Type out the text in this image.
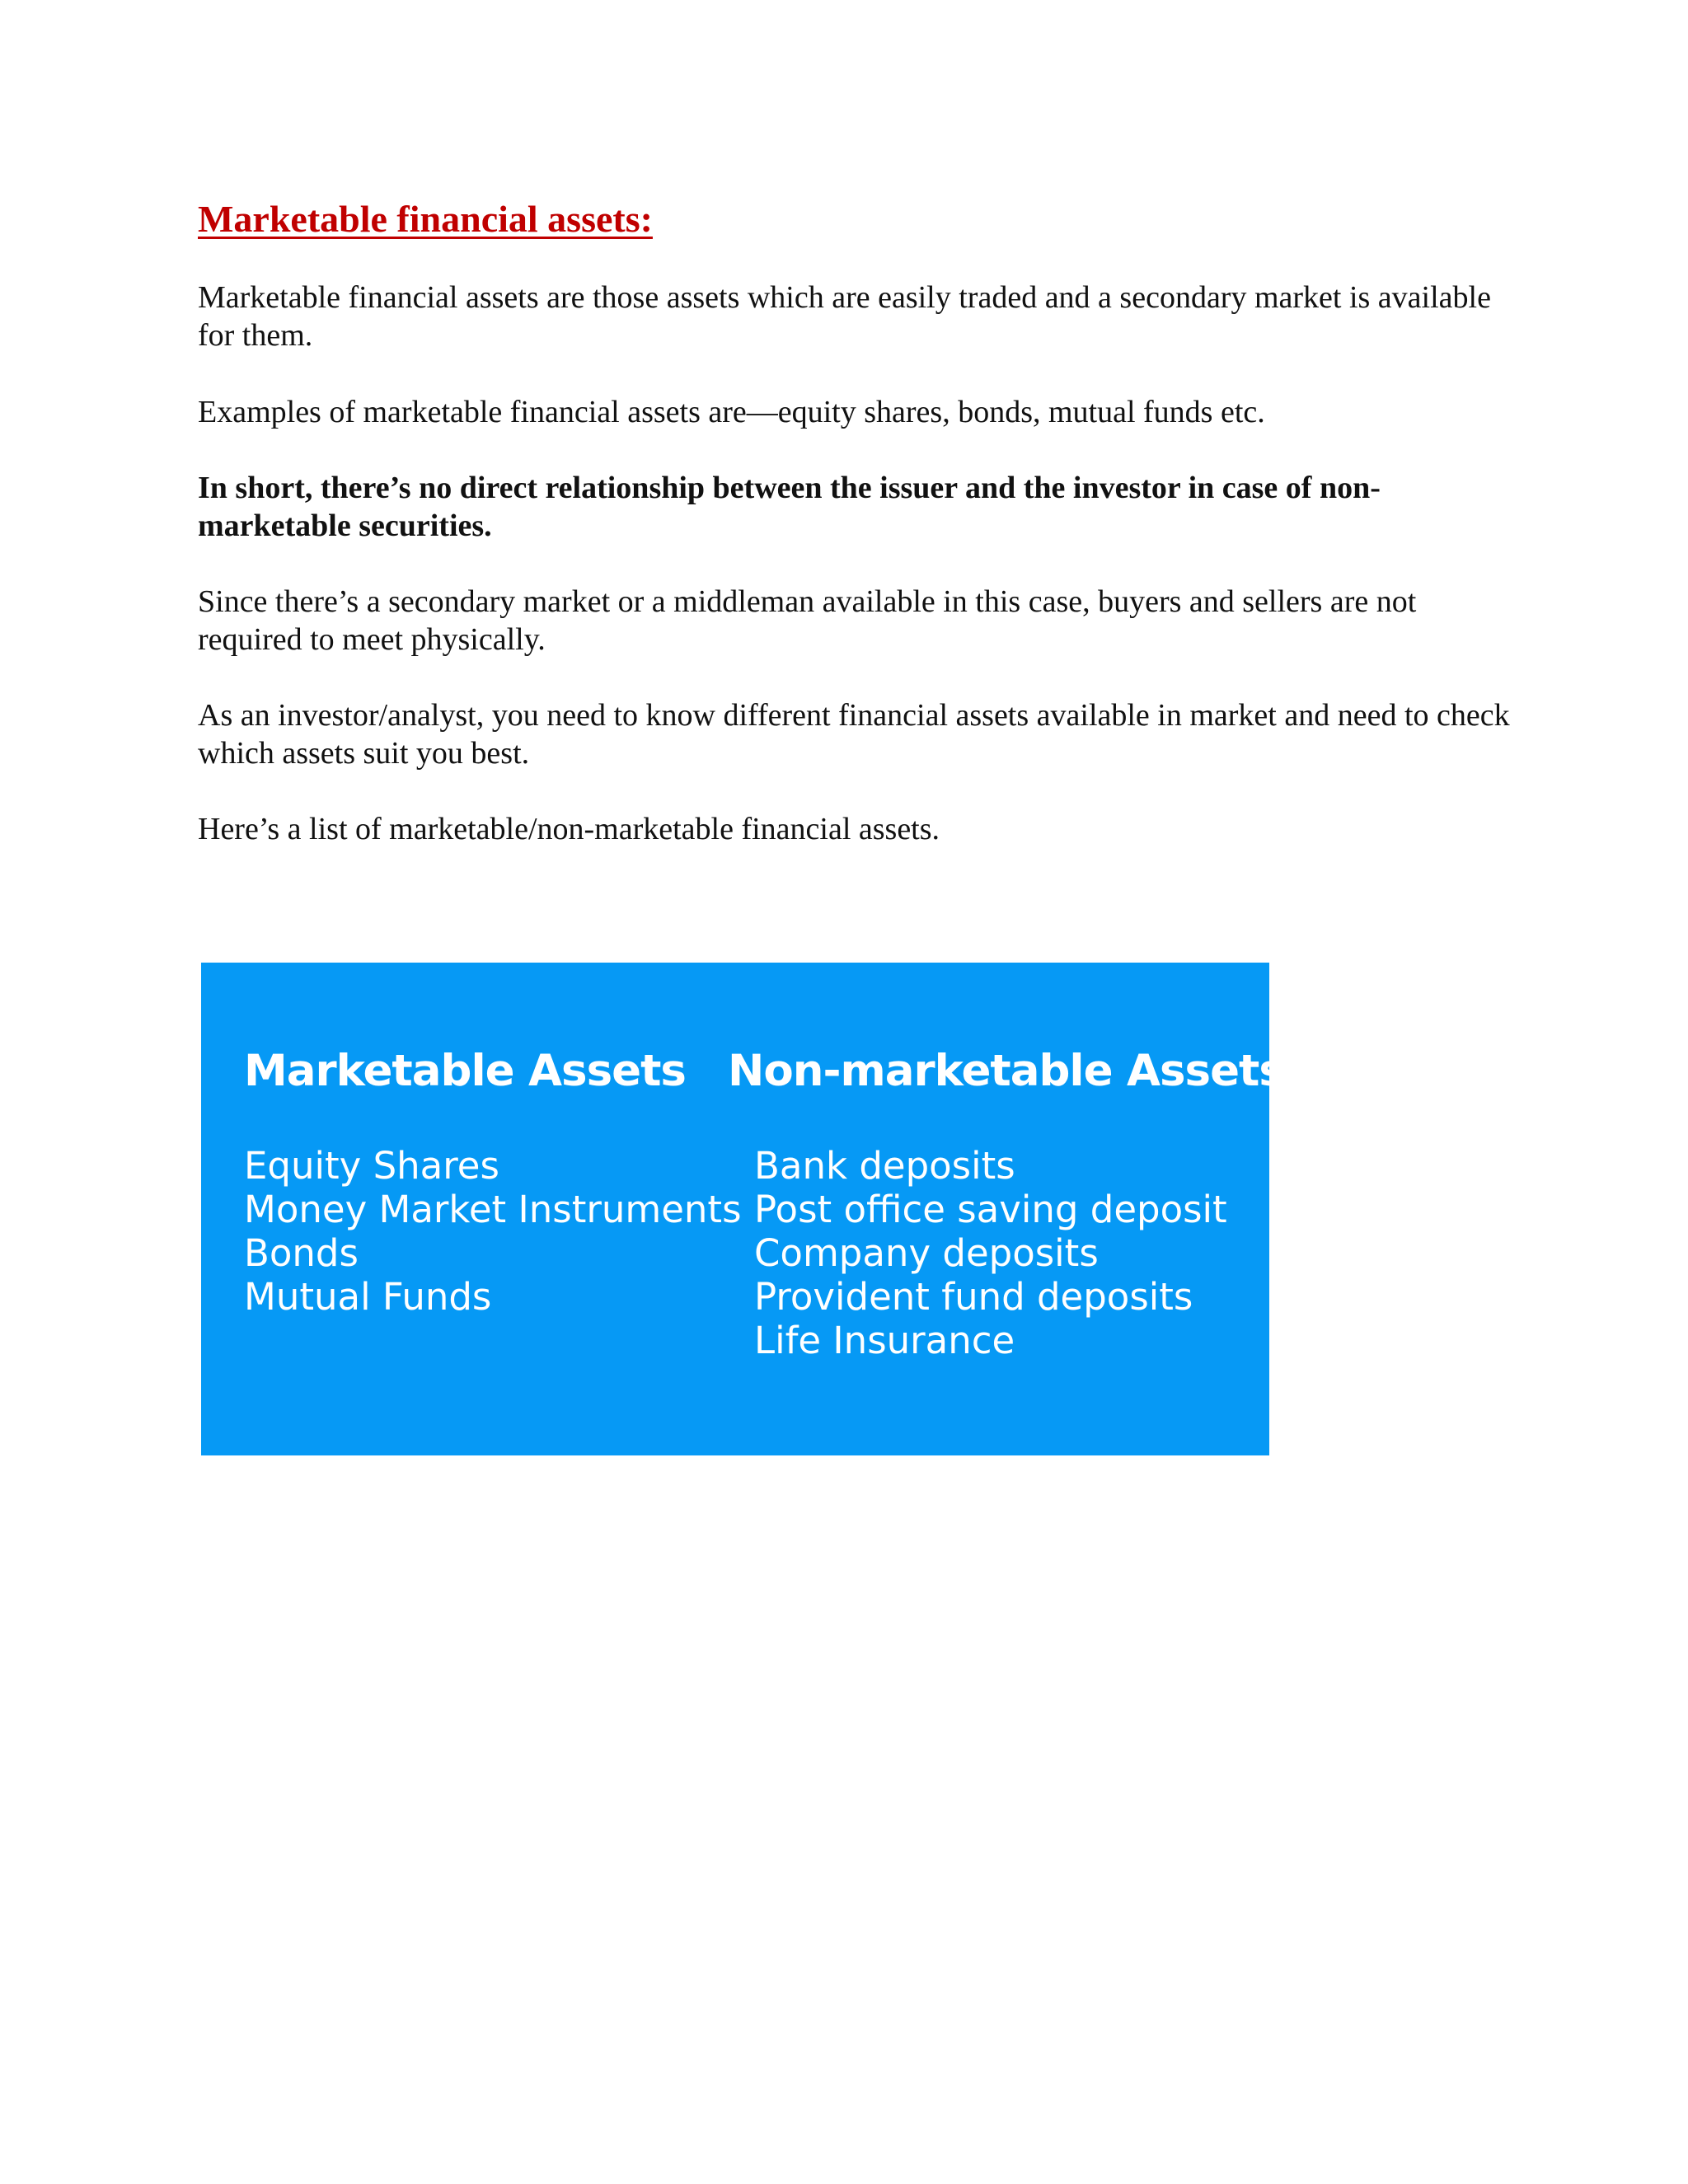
Marketable financial assets:

Marketable financial assets are those assets which are easily traded and a secondary market is available for them.

Examples of marketable financial assets are—equity shares, bonds, mutual funds etc.

In short, there’s no direct relationship between the issuer and the investor in case of non-marketable securities.

Since there’s a secondary market or a middleman available in this case, buyers and sellers are not required to meet physically.

As an investor/analyst, you need to know different financial assets available in market and need to check which assets suit you best.

Here’s a list of marketable/non-marketable financial assets.

Marketable Assets
Equity Shares
Money Market Instruments
Bonds
Mutual Funds
Non-marketable Assets
Bank deposits
Post office saving deposit
Company deposits
Provident fund deposits
Life Insurance
